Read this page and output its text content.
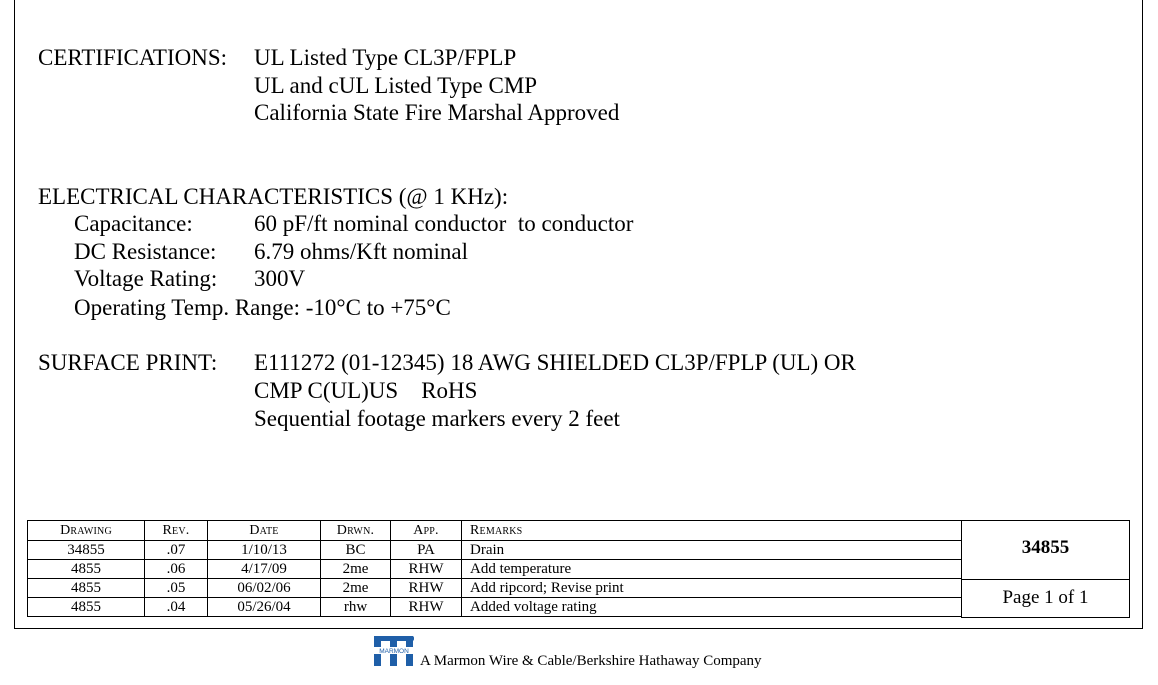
CERTIFICATIONS: UL Listed Type CL3P/FPLP
UL and cUL Listed Type CMP
California State Fire Marshal Approved
ELECTRICAL CHARACTERISTICS (@ 1 KHz):
Capacitance:	60 pF/ft nominal conductor  to conductor
DC Resistance: 6.79 ohms/Kft nominal
Voltage Rating: 300V
Operating Temp. Range: -10°C to +75°C
SURFACE PRINT: E111272 (01-12345) 18 AWG SHIELDED CL3P/FPLP (UL) OR
CMP C(UL)US    RoHS
Sequential footage markers every 2 feet
Drawing	Rev.	Date	Drwn.	App.	Remarks
34855	.07	1/10/13	BC	PA	Drain
4855	.06	4/17/09	2me	RHW	Add temperature
4855	.05	06/02/06	2me	RHW	Add ripcord; Revise print
4855	.04	05/26/04	rhw	RHW	Added voltage rating
34855
Page 1 of 1
MARMON
A Marmon Wire & Cable/Berkshire Hathaway Company
